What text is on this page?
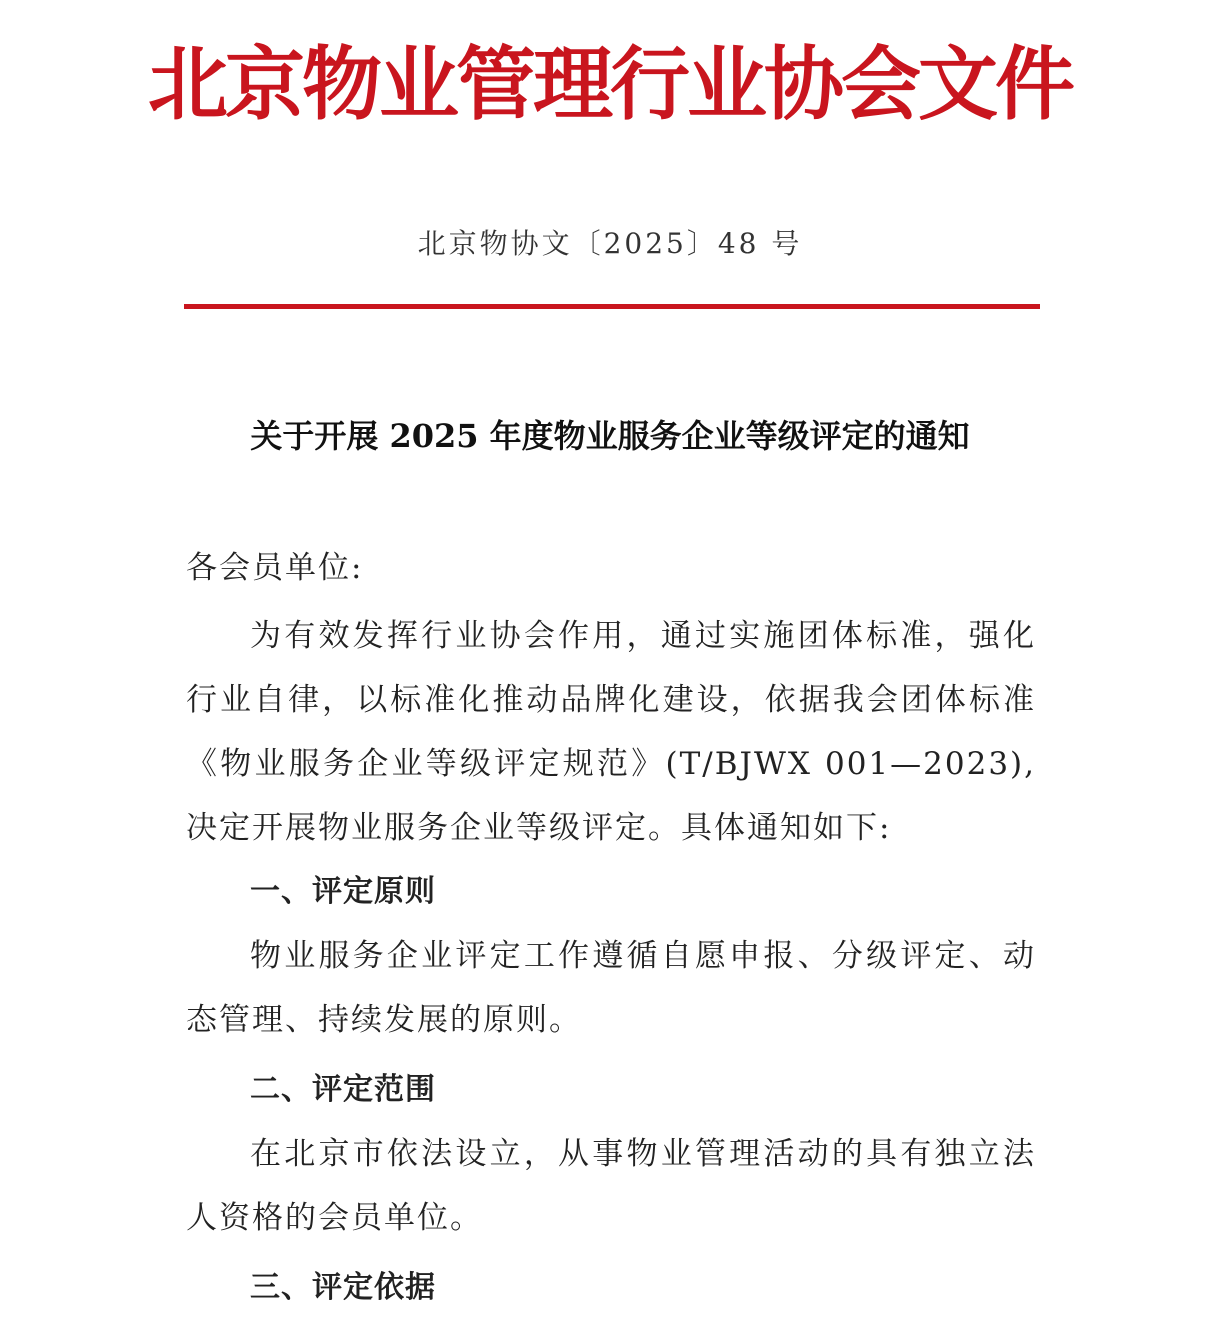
北京物业管理行业协会文件
北京物协文〔2025〕48 号
关于开展 2025 年度物业服务企业等级评定的通知

各会员单位:

为有效发挥行业协会作用，通过实施团体标准，强化行业自律，以标准化推动品牌化建设，依据我会团体标准《物业服务企业等级评定规范》(T/BJWX 001—2023),决定开展物业服务企业等级评定。具体通知如下:

一、评定原则

物业服务企业评定工作遵循自愿申报、分级评定、动态管理、持续发展的原则。

二、评定范围

在北京市依法设立，从事物业管理活动的具有独立法人资格的会员单位。

三、评定依据
